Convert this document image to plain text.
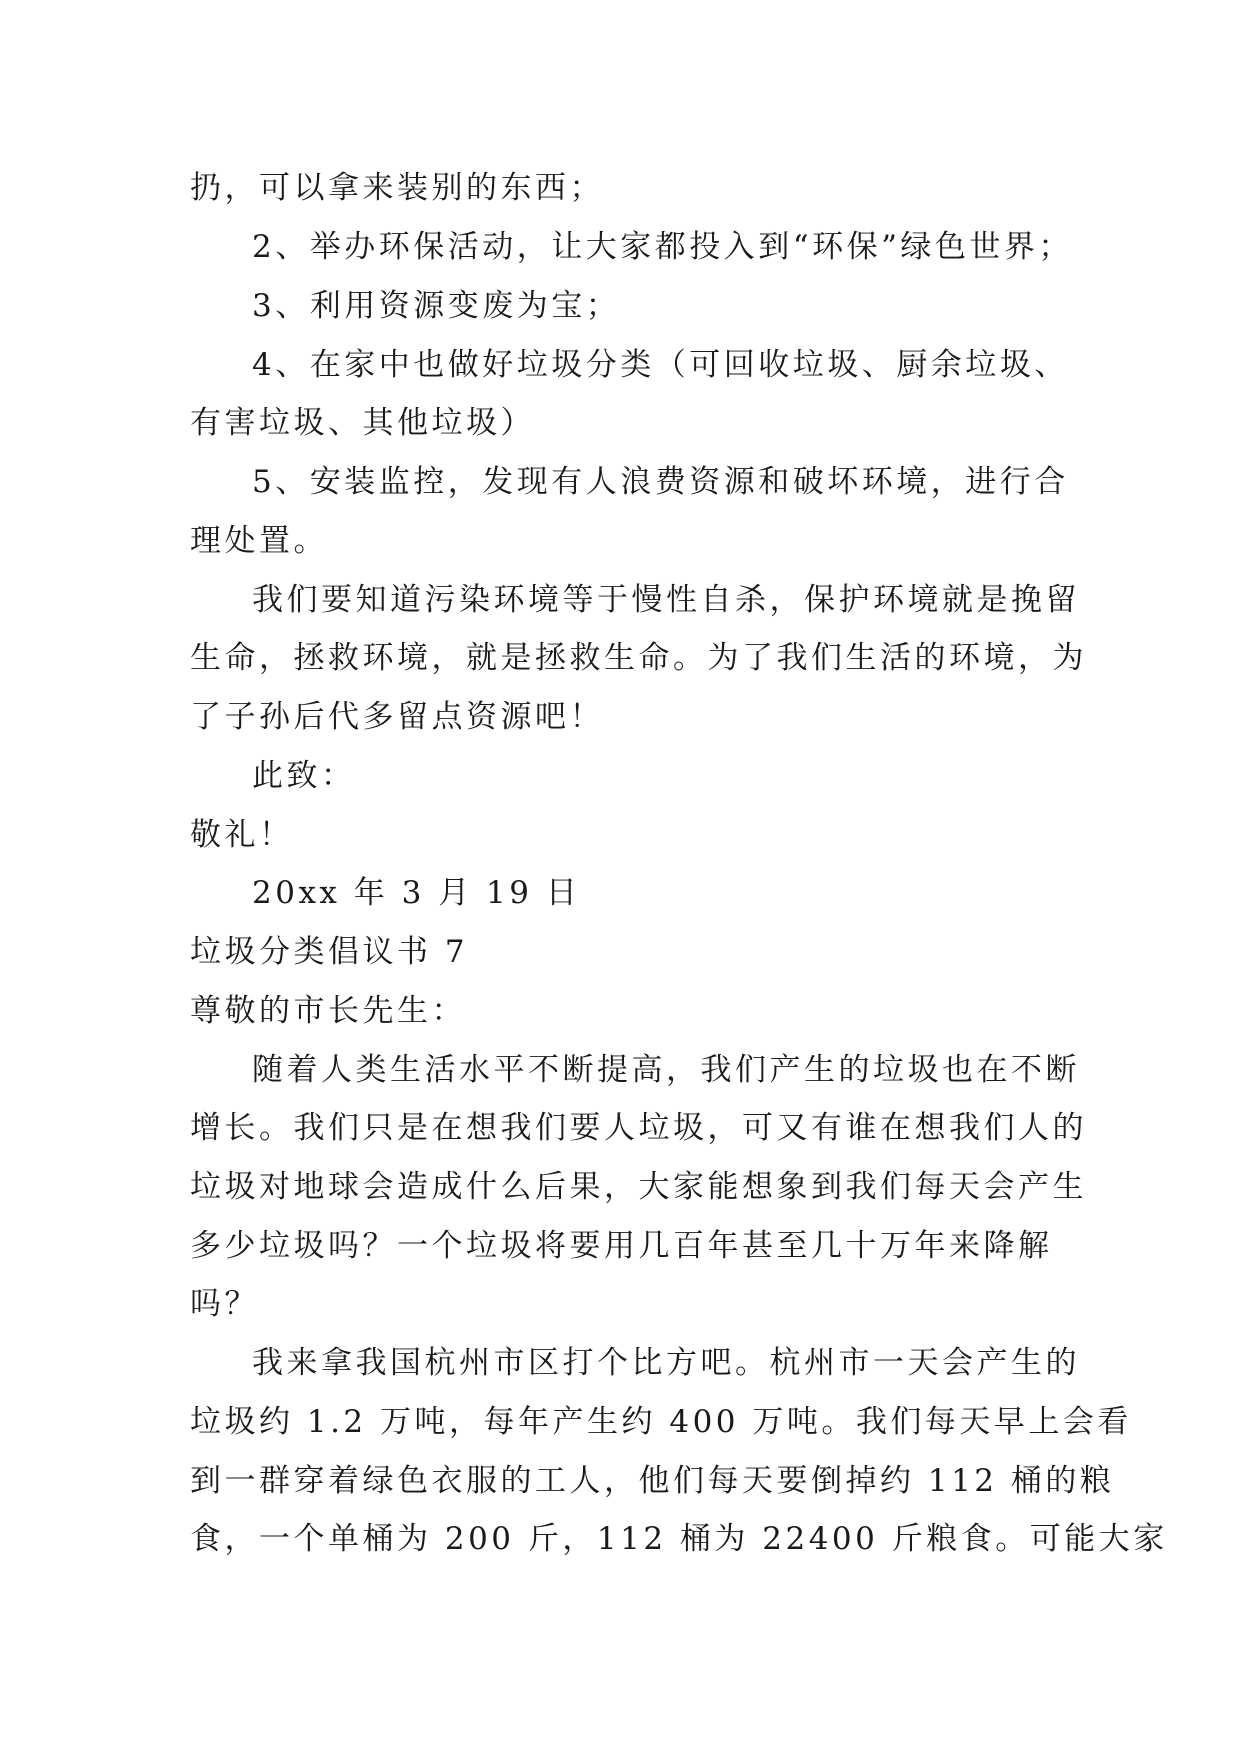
扔，可以拿来装别的东西；
2、举办环保活动，让大家都投入到“环保”绿色世界；
3、利用资源变废为宝；
4、在家中也做好垃圾分类（可回收垃圾、厨余垃圾、
有害垃圾、其他垃圾）
5、安装监控，发现有人浪费资源和破坏环境，进行合
理处置。
我们要知道污染环境等于慢性自杀，保护环境就是挽留
生命，拯救环境，就是拯救生命。为了我们生活的环境，为
了子孙后代多留点资源吧！
此致：
敬礼！
20xx 年 3 月 19 日
垃圾分类倡议书 7
尊敬的市长先生：
随着人类生活水平不断提高，我们产生的垃圾也在不断
增长。我们只是在想我们要人垃圾，可又有谁在想我们人的
垃圾对地球会造成什么后果，大家能想象到我们每天会产生
多少垃圾吗？一个垃圾将要用几百年甚至几十万年来降解
吗？
我来拿我国杭州市区打个比方吧。杭州市一天会产生的
垃圾约 1.2 万吨，每年产生约 400 万吨。我们每天早上会看
到一群穿着绿色衣服的工人，他们每天要倒掉约 112 桶的粮
食，一个单桶为 200 斤，112 桶为 22400 斤粮食。可能大家
